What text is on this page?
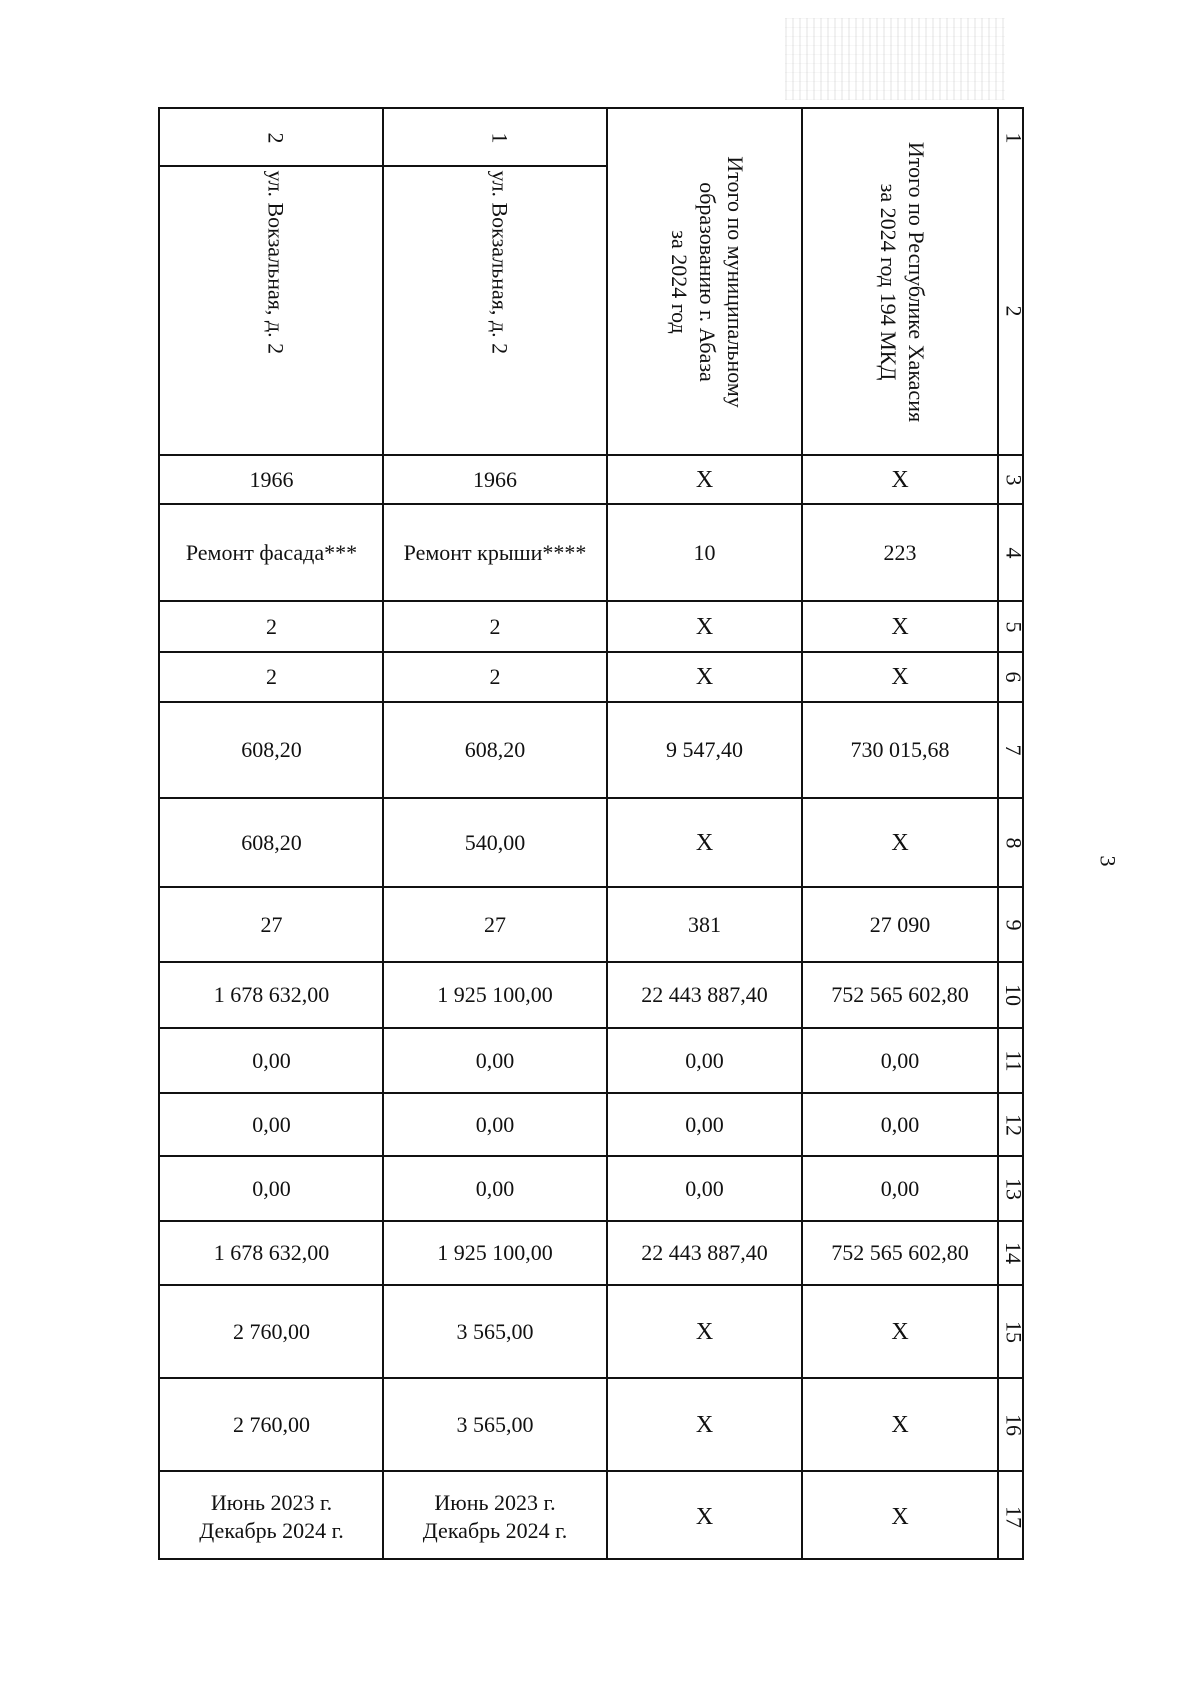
3
1
2
3
4
5
6
7
8
9
10
11
12
13
14
15
16
17
Итого по Республике Хакасия
за 2024 год 194 МКД
Х
223
Х
Х
730 015,68
Х
27 090
752 565 602,80
0,00
0,00
0,00
752 565 602,80
Х
Х
Х
Итого по муниципальному
образованию г. Абаза
за 2024 год
Х
10
Х
Х
9 547,40
Х
381
22 443 887,40
0,00
0,00
0,00
22 443 887,40
Х
Х
Х
1
ул. Вокзальная, д. 2
1966
Ремонт крыши****
2
2
608,20
540,00
27
1 925 100,00
0,00
0,00
0,00
1 925 100,00
3 565,00
3 565,00
Июнь 2023 г.
Декабрь 2024 г.
2
ул. Вокзальная, д. 2
1966
Ремонт фасада***
2
2
608,20
608,20
27
1 678 632,00
0,00
0,00
0,00
1 678 632,00
2 760,00
2 760,00
Июнь 2023 г.
Декабрь 2024 г.
